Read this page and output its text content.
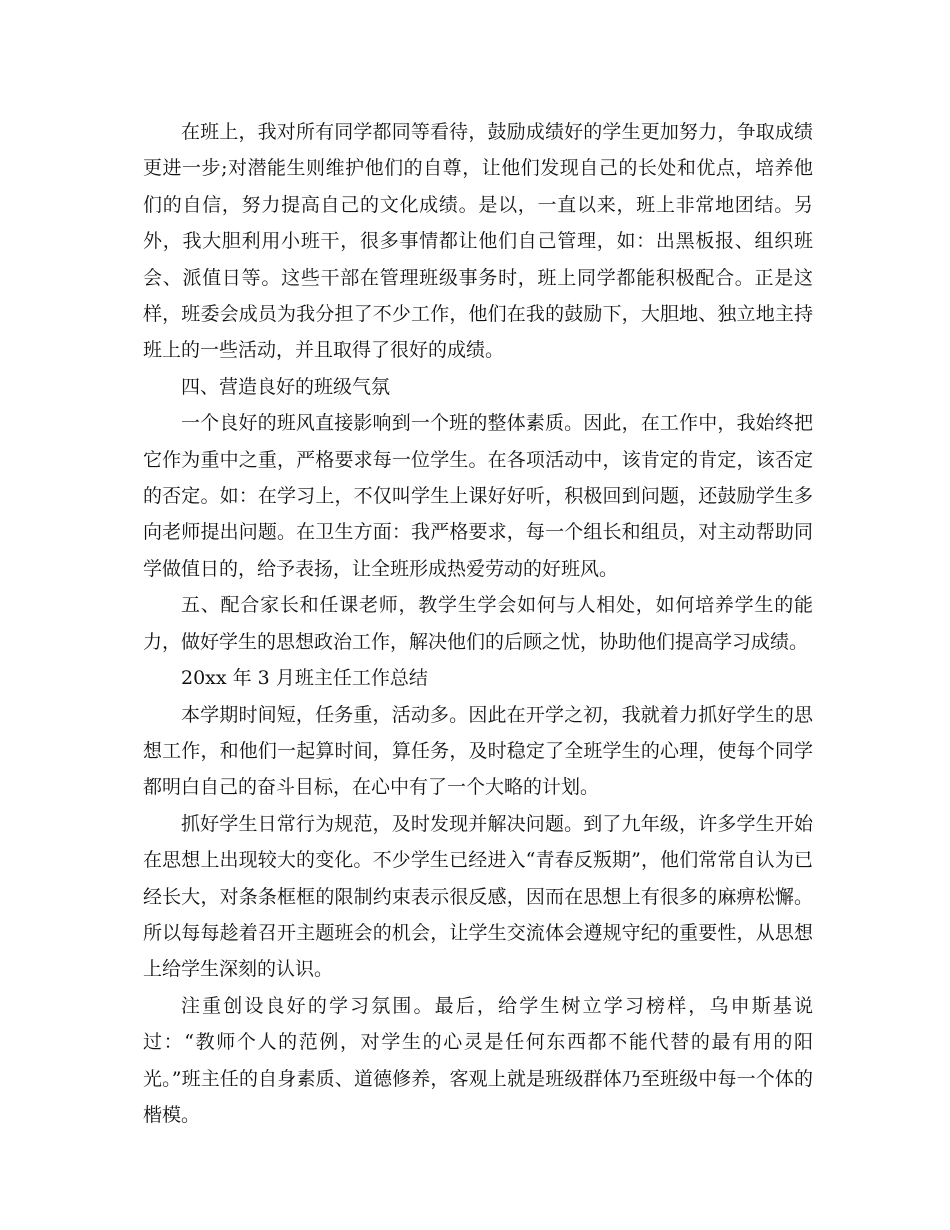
在班上，我对所有同学都同等看待，鼓励成绩好的学生更加努力，争取成绩更进一步;对潜能生则维护他们的自尊，让他们发现自己的长处和优点，培养他们的自信，努力提高自己的文化成绩。是以，一直以来，班上非常地团结。另外，我大胆利用小班干，很多事情都让他们自己管理，如：出黑板报、组织班会、派值日等。这些干部在管理班级事务时，班上同学都能积极配合。正是这样，班委会成员为我分担了不少工作，他们在我的鼓励下，大胆地、独立地主持班上的一些活动，并且取得了很好的成绩。

四、营造良好的班级气氛

一个良好的班风直接影响到一个班的整体素质。因此，在工作中，我始终把它作为重中之重，严格要求每一位学生。在各项活动中，该肯定的肯定，该否定的否定。如：在学习上，不仅叫学生上课好好听，积极回到问题，还鼓励学生多向老师提出问题。在卫生方面：我严格要求，每一个组长和组员，对主动帮助同学做值日的，给予表扬，让全班形成热爱劳动的好班风。

五、配合家长和任课老师，教学生学会如何与人相处，如何培养学生的能力，做好学生的思想政治工作，解决他们的后顾之忧，协助他们提高学习成绩。

20xx 年 3 月班主任工作总结

本学期时间短，任务重，活动多。因此在开学之初，我就着力抓好学生的思想工作，和他们一起算时间，算任务，及时稳定了全班学生的心理，使每个同学都明白自己的奋斗目标，在心中有了一个大略的计划。

抓好学生日常行为规范，及时发现并解决问题。到了九年级，许多学生开始在思想上出现较大的变化。不少学生已经进入“青春反叛期”，他们常常自认为已经长大，对条条框框的限制约束表示很反感，因而在思想上有很多的麻痹松懈。所以每每趁着召开主题班会的机会，让学生交流体会遵规守纪的重要性，从思想上给学生深刻的认识。

注重创设良好的学习氛围。最后，给学生树立学习榜样，乌申斯基说过：“教师个人的范例，对学生的心灵是任何东西都不能代替的最有用的阳光。”班主任的自身素质、道德修养，客观上就是班级群体乃至班级中每一个体的楷模。
